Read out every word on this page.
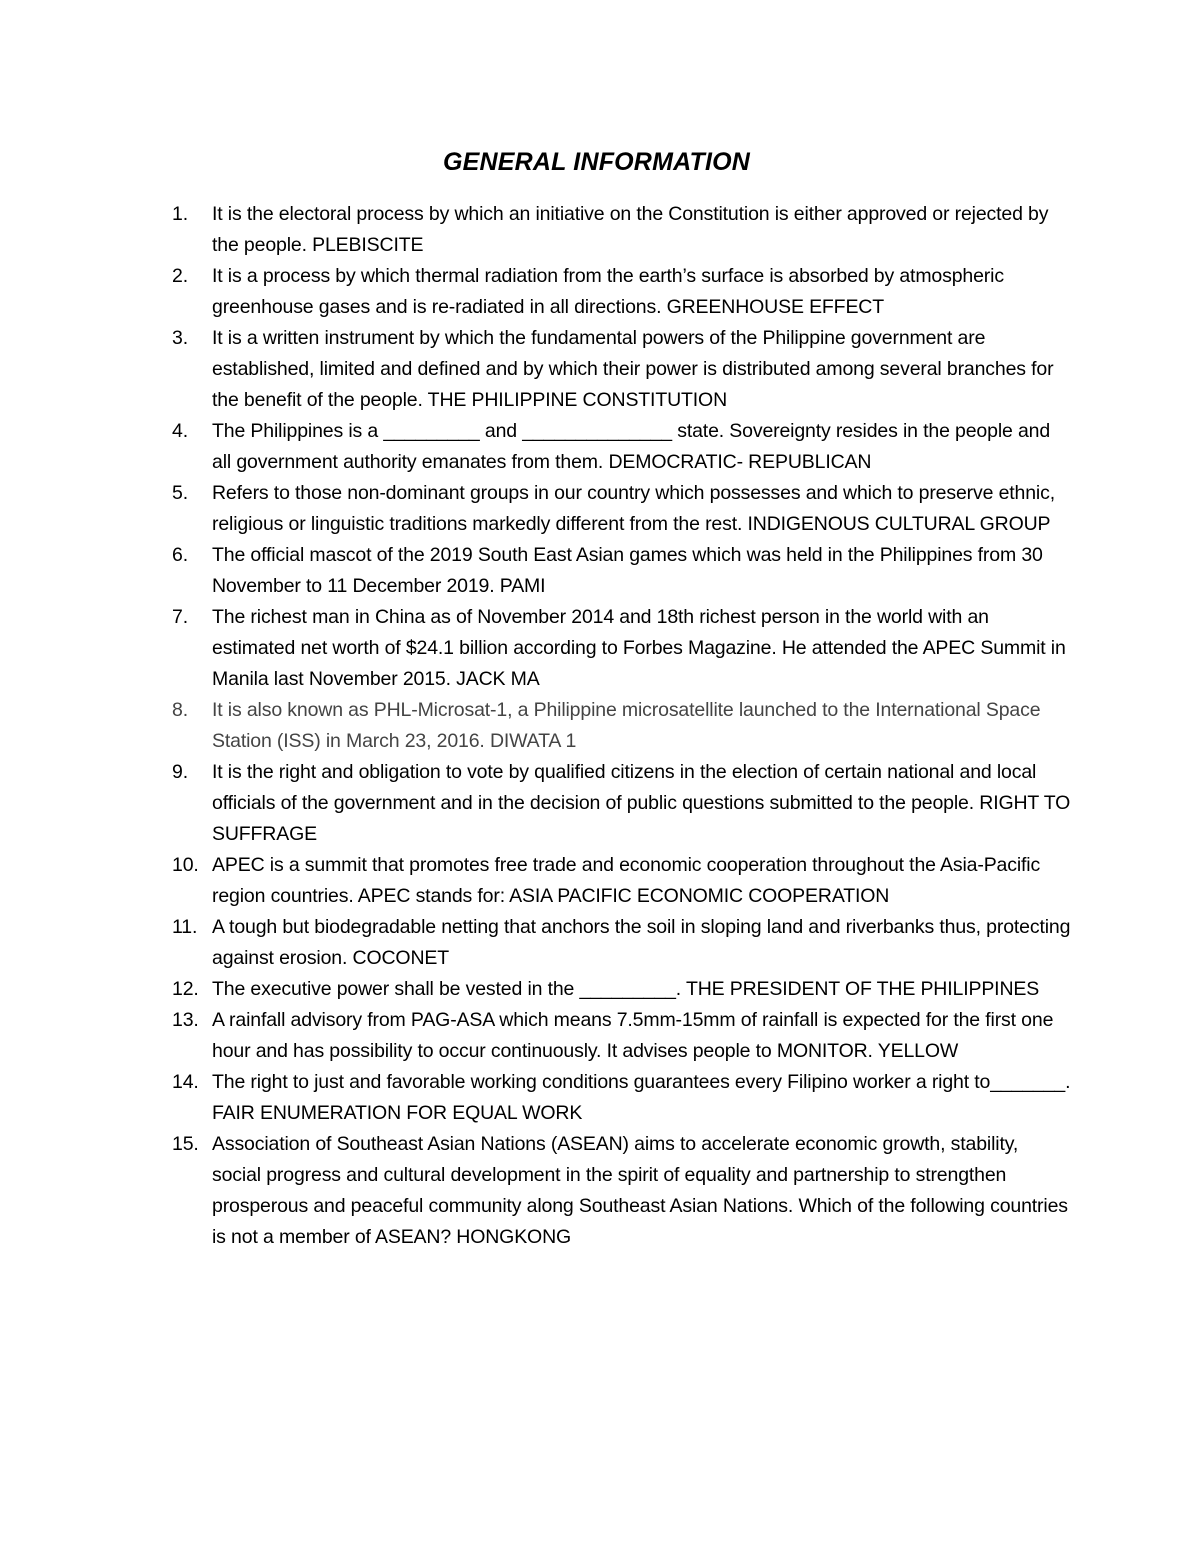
GENERAL INFORMATION
1.	It is the electoral process by which an initiative on the Constitution is either approved or rejected by the people. PLEBISCITE
2.	It is a process by which thermal radiation from the earth’s surface is absorbed by atmospheric greenhouse gases and is re-radiated in all directions. GREENHOUSE EFFECT
3.	It is a written instrument by which the fundamental powers of the Philippine government are established, limited and defined and by which their power is distributed among several branches for the benefit of the people. THE PHILIPPINE CONSTITUTION
4.	The Philippines is a _________ and ______________ state. Sovereignty resides in the people and all government authority emanates from them. DEMOCRATIC- REPUBLICAN
5.	Refers to those non-dominant groups in our country which possesses and which to preserve ethnic, religious or linguistic traditions markedly different from the rest. INDIGENOUS CULTURAL GROUP
6.	The official mascot of the 2019 South East Asian games which was held in the Philippines from 30 November to 11 December 2019. PAMI
7.	The richest man in China as of November 2014 and 18th richest person in the world with an estimated net worth of $24.1 billion according to Forbes Magazine. He attended the APEC Summit in Manila last November 2015. JACK MA
8.	It is also known as PHL-Microsat-1, a Philippine microsatellite launched to the International Space Station (ISS) in March 23, 2016. DIWATA 1
9.	It is the right and obligation to vote by qualified citizens in the election of certain national and local officials of the government and in the decision of public questions submitted to the people. RIGHT TO SUFFRAGE
10. APEC is a summit that promotes free trade and economic cooperation throughout the Asia-Pacific region countries. APEC stands for: ASIA PACIFIC ECONOMIC COOPERATION
11. A tough but biodegradable netting that anchors the soil in sloping land and riverbanks thus, protecting against erosion. COCONET
12. The executive power shall be vested in the _________. THE PRESIDENT OF THE PHILIPPINES
13. A rainfall advisory from PAG-ASA which means 7.5mm-15mm of rainfall is expected for the first one hour and has possibility to occur continuously. It advises people to MONITOR. YELLOW
14. The right to just and favorable working conditions guarantees every Filipino worker a right to_______. FAIR ENUMERATION FOR EQUAL WORK
15. Association of Southeast Asian Nations (ASEAN) aims to accelerate economic growth, stability, social progress and cultural development in the spirit of equality and partnership to strengthen prosperous and peaceful community along Southeast Asian Nations. Which of the following countries is not a member of ASEAN? HONGKONG
